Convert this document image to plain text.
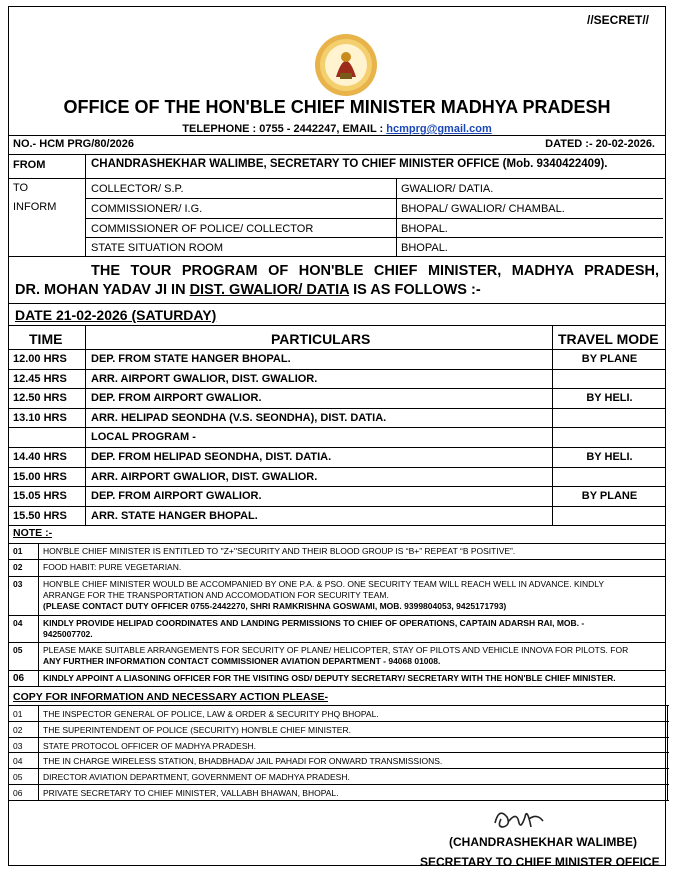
//SECRET//
OFFICE OF THE HON'BLE CHIEF MINISTER MADHYA PRADESH
TELEPHONE : 0755 - 2442247, EMAIL : hcmprg@gmail.com
NO.- HCM PRG/80/2026	DATED :- 20-02-2026.
FROM	CHANDRASHEKHAR WALIMBE, SECRETARY TO CHIEF MINISTER OFFICE (Mob. 9340422409).
TO
INFORM
COLLECTOR/ S.P.	GWALIOR/ DATIA.
COMMISSIONER/ I.G.	BHOPAL/ GWALIOR/ CHAMBAL.
COMMISSIONER OF POLICE/ COLLECTOR	BHOPAL.
STATE SITUATION ROOM	BHOPAL.
THE TOUR PROGRAM OF HON'BLE CHIEF MINISTER, MADHYA PRADESH,
DR. MOHAN YADAV JI IN DIST. GWALIOR/ DATIA IS AS FOLLOWS :-
DATE 21-02-2026 (SATURDAY)
TIME	PARTICULARS	TRAVEL MODE
12.00 HRS DEP. FROM STATE HANGER BHOPAL.	BY PLANE
12.45 HRS ARR. AIRPORT GWALIOR, DIST. GWALIOR.
12.50 HRS DEP. FROM AIRPORT GWALIOR.	BY HELI.
13.10 HRS ARR. HELIPAD SEONDHA (V.S. SEONDHA), DIST. DATIA.
LOCAL PROGRAM -
14.40 HRS DEP. FROM HELIPAD SEONDHA, DIST. DATIA.	BY HELI.
15.00 HRS ARR. AIRPORT GWALIOR, DIST. GWALIOR.
15.05 HRS DEP. FROM AIRPORT GWALIOR.	BY PLANE
15.50 HRS ARR. STATE HANGER BHOPAL.
NOTE :-
01 HON'BLE CHIEF MINISTER IS ENTITLED TO ''Z+''SECURITY AND THEIR BLOOD GROUP IS “B+” REPEAT “B POSITIVE”.
02 FOOD HABIT: PURE VEGETARIAN.
03 HON'BLE CHIEF MINISTER WOULD BE ACCOMPANIED BY ONE P.A. & PSO. ONE SECURITY TEAM WILL REACH WELL IN ADVANCE. KINDLY
ARRANGE FOR THE TRANSPORTATION AND ACCOMODATION FOR SECURITY TEAM.
(PLEASE CONTACT DUTY OFFICER 0755-2442270, SHRI RAMKRISHNA GOSWAMI, MOB. 9399804053, 9425171793)
04 KINDLY PROVIDE HELIPAD COORDINATES AND LANDING PERMISSIONS TO CHIEF OF OPERATIONS, CAPTAIN ADARSH RAI, MOB. -
9425007702.
05 PLEASE MAKE SUITABLE ARRANGEMENTS FOR SECURITY OF PLANE/ HELICOPTER, STAY OF PILOTS AND VEHICLE INNOVA FOR PILOTS. FOR
ANY FURTHER INFORMATION CONTACT COMMISSIONER AVIATION DEPARTMENT - 94068 01008.
06 KINDLY APPOINT A LIASONING OFFICER FOR THE VISITING OSD/ DEPUTY SECRETARY/ SECRETARY WITH THE HON'BLE CHIEF MINISTER.
COPY FOR INFORMATION AND NECESSARY ACTION PLEASE-
01 THE INSPECTOR GENERAL OF POLICE, LAW & ORDER & SECURITY PHQ BHOPAL.
02 THE SUPERINTENDENT OF POLICE (SECURITY) HON'BLE CHIEF MINISTER.
03 STATE PROTOCOL OFFICER OF MADHYA PRADESH.
04 THE IN CHARGE WIRELESS STATION, BHADBHADA/ JAIL PAHADI FOR ONWARD TRANSMISSIONS.
05 DIRECTOR AVIATION DEPARTMENT, GOVERNMENT OF MADHYA PRADESH.
06 PRIVATE SECRETARY TO CHIEF MINISTER, VALLABH BHAWAN, BHOPAL.
(CHANDRASHEKHAR WALIMBE)
SECRETARY TO CHIEF MINISTER OFFICE
